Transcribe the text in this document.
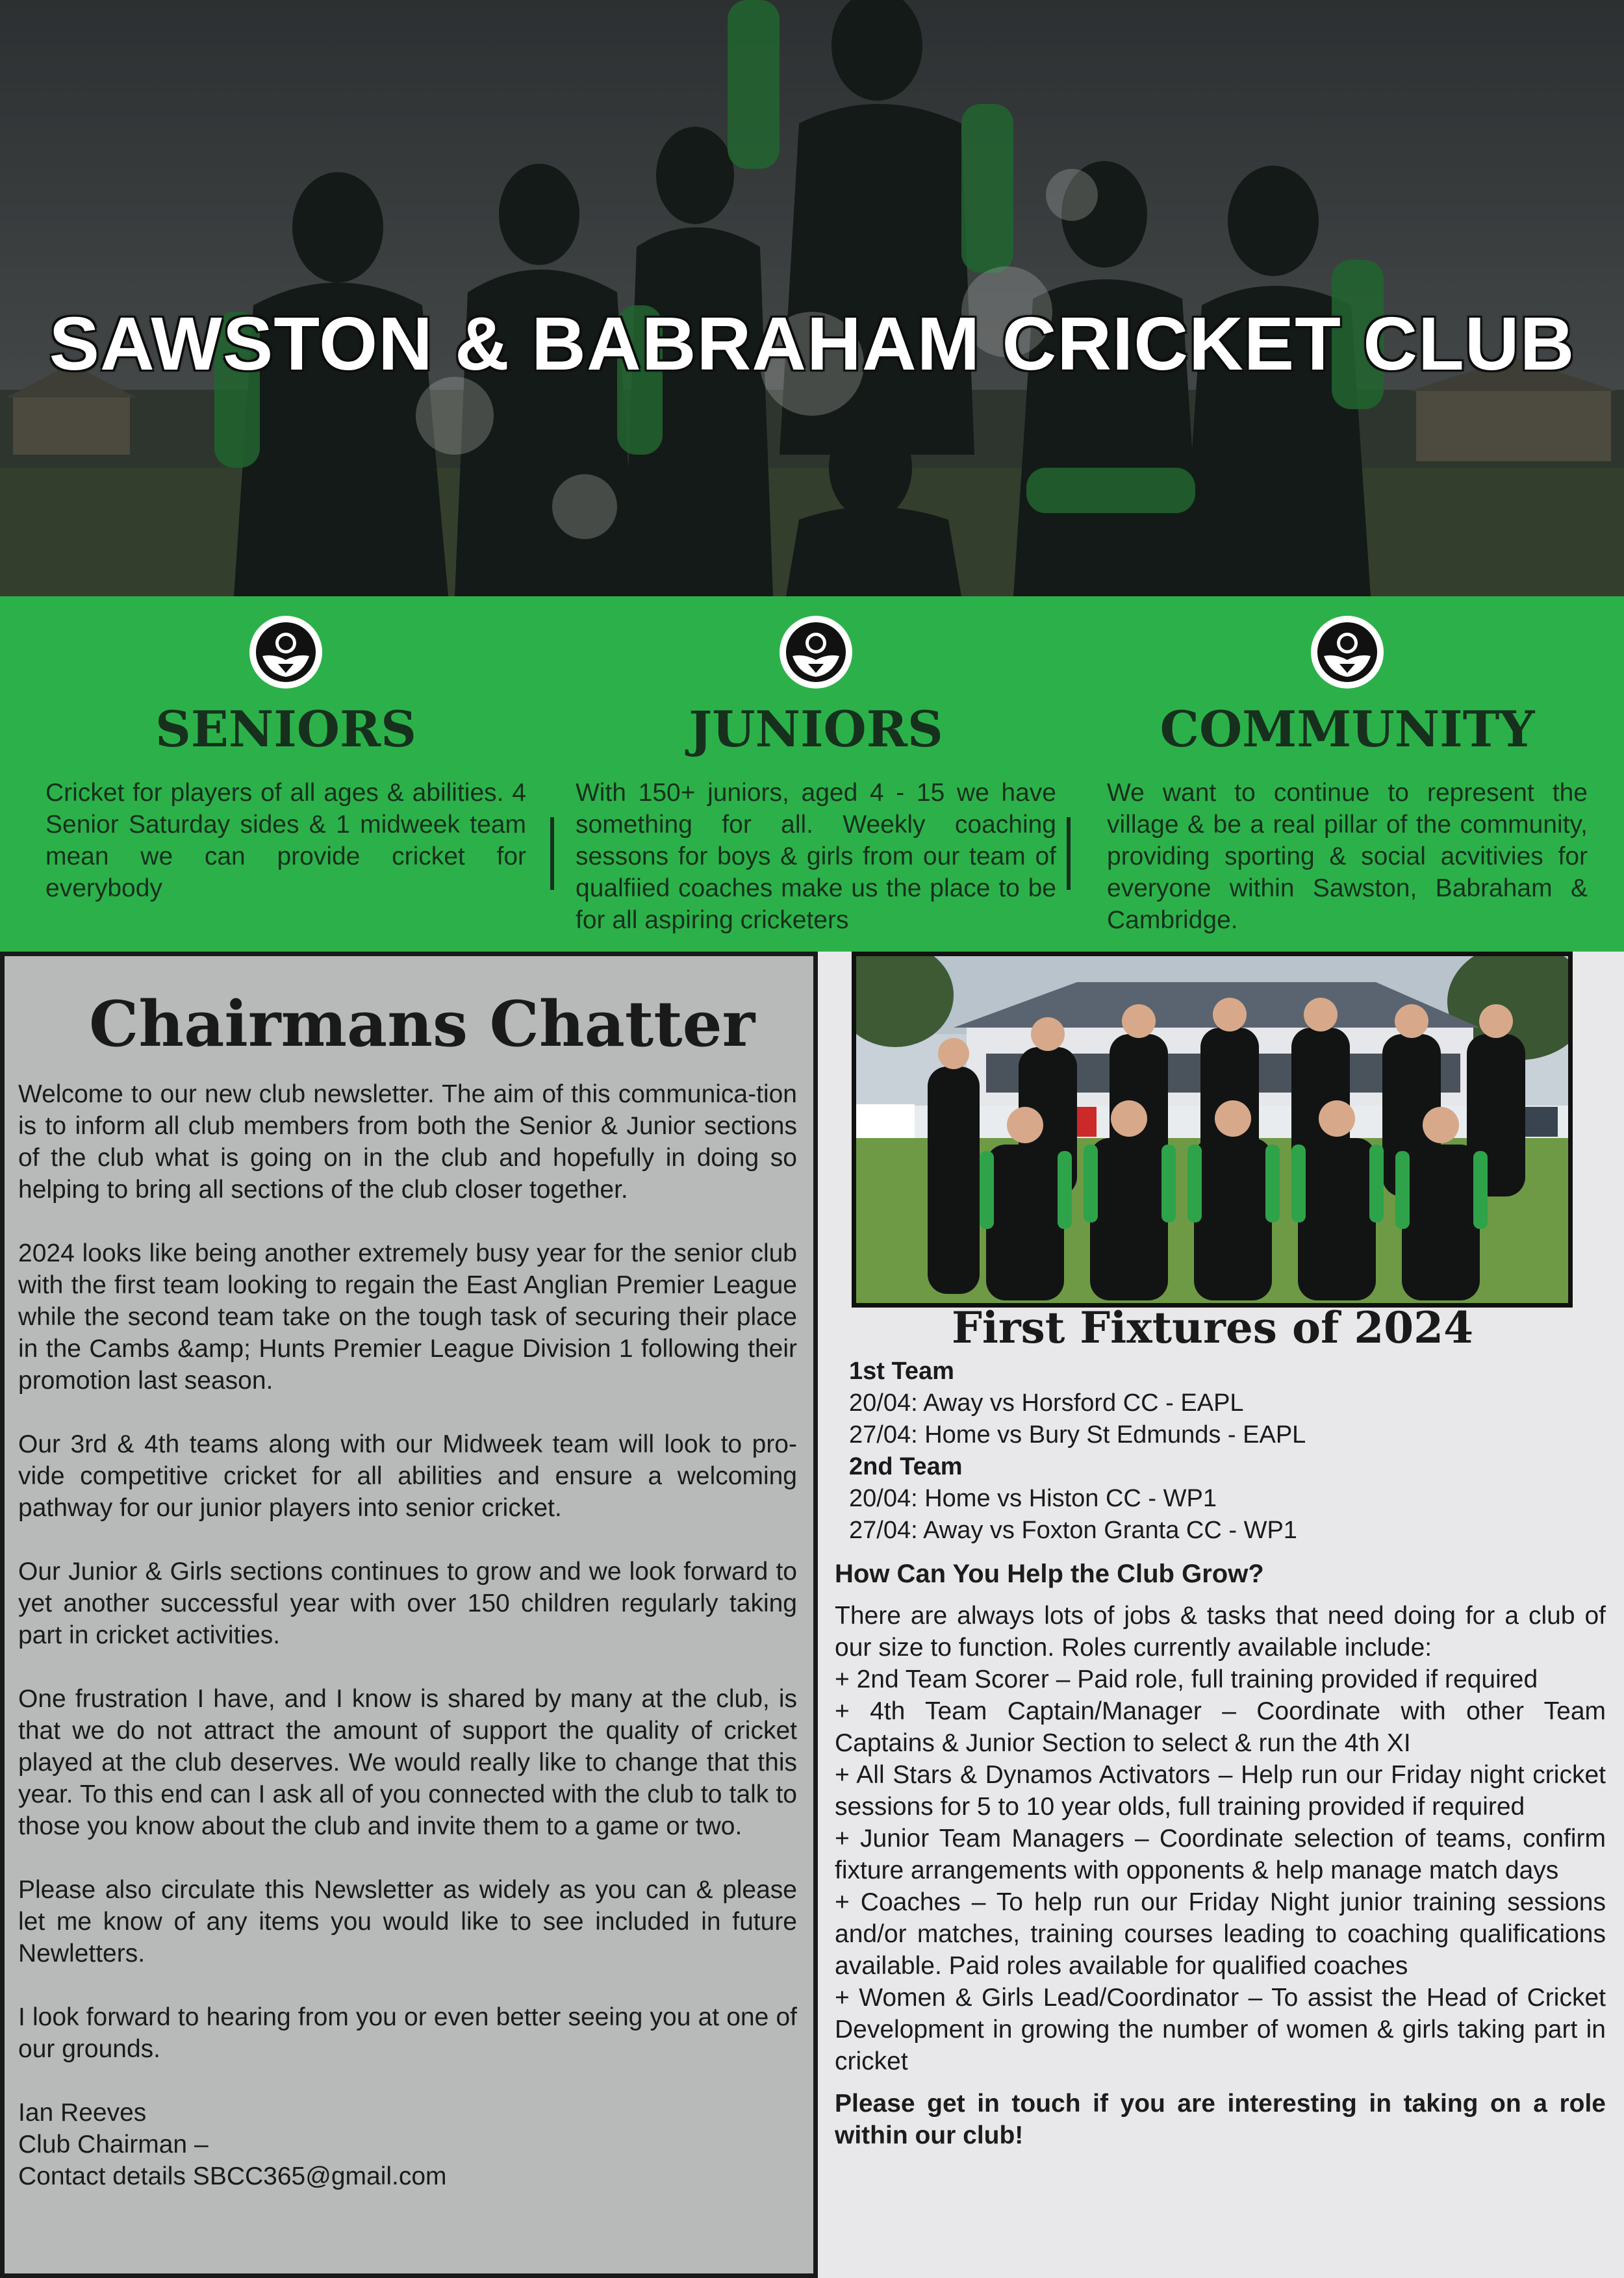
SAWSTON & BABRAHAM CRICKET CLUB
SENIORS

Cricket for players of all ages & abilities. 4 Senior Saturday sides & 1 midweek team mean we can provide cricket for everybody

JUNIORS

With 150+ juniors, aged 4 - 15 we have something for all. Weekly coaching sessons for boys & girls from our team of qualfiied coaches make us the place to be for all aspiring cricketers

COMMUNITY

We want to continue to represent the village & be a real pillar of the community, providing sporting & social acvitivies for everyone within Sawston, Babraham & Cambridge.

Chairmans Chatter

Welcome to our new club newsletter. The aim of this communica-tion is to inform all club members from both the Senior & Junior sections of the club what is going on in the club and hopefully in doing so helping to bring all sections of the club closer together.

2024 looks like being another extremely busy year for the senior club with the first team looking to regain the East Anglian Premier League while the second team take on the tough task of securing their place in the Cambs &amp; Hunts Premier League Division 1 following their promotion last season.

Our 3rd & 4th teams along with our Midweek team will look to pro-vide competitive cricket for all abilities and ensure a welcoming pathway for our junior players into senior cricket.

Our Junior & Girls sections continues to grow and we look forward to yet another successful year with over 150 children regularly taking part in cricket activities.

One frustration I have, and I know is shared by many at the club, is that we do not attract the amount of support the quality of cricket played at the club deserves. We would really like to change that this year. To this end can I ask all of you connected with the club to talk to those you know about the club and invite them to a game or two.

Please also circulate this Newsletter as widely as you can & please let me know of any items you would like to see included in future Newletters.

I look forward to hearing from you or even better seeing you at one of our grounds.

Ian Reeves
Club Chairman –
Contact details SBCC365@gmail.com
First Fixtures of 2024
1st Team
20/04: Away vs Horsford CC - EAPL
27/04: Home vs Bury St Edmunds - EAPL
2nd Team
20/04: Home vs Histon CC - WP1
27/04: Away vs Foxton Granta CC - WP1
How Can You Help the Club Grow?
There are always lots of jobs & tasks that need doing for a club of our size to function. Roles currently available include:
+ 2nd Team Scorer – Paid role, full training provided if required
+ 4th Team Captain/Manager – Coordinate with other Team Captains & Junior Section to select & run the 4th XI
+ All Stars & Dynamos Activators – Help run our Friday night cricket sessions for 5 to 10 year olds, full training provided if required
+ Junior Team Managers – Coordinate selection of teams, confirm fixture arrangements with opponents & help manage match days
+ Coaches – To help run our Friday Night junior training sessions and/or matches, training courses leading to coaching qualifications available. Paid roles available for qualified coaches
+ Women & Girls Lead/Coordinator – To assist the Head of Cricket Development in growing the number of women & girls taking part in cricket
Please get in touch if you are interesting in taking on a role within our club!
